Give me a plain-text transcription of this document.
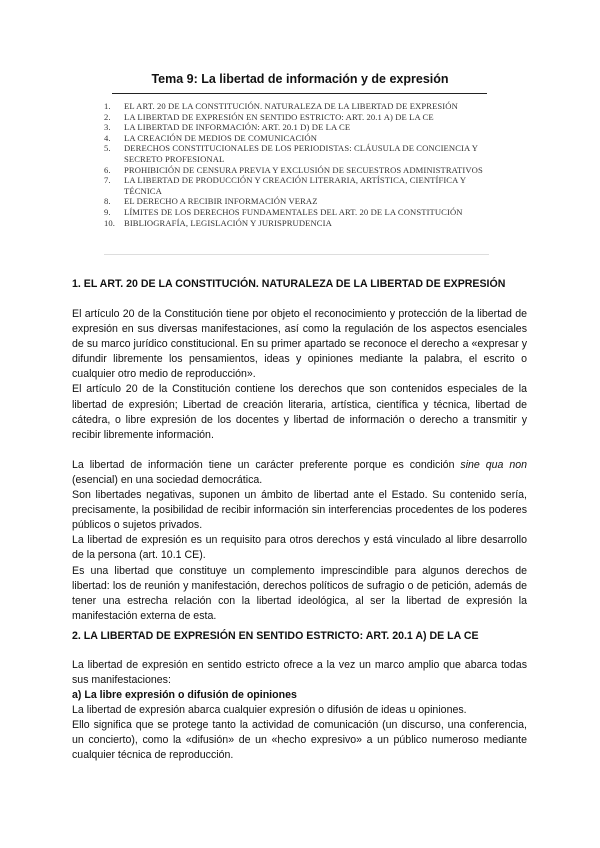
Tema 9: La libertad de información y de expresión
1.	EL ART. 20 DE LA CONSTITUCIÓN. NATURALEZA DE LA LIBERTAD DE EXPRESIÓN
2.	LA LIBERTAD DE EXPRESIÓN EN SENTIDO ESTRICTO: ART. 20.1 A) DE LA CE
3.	LA LIBERTAD DE INFORMACIÓN: ART. 20.1 D) DE LA CE
4.	LA CREACIÓN DE MEDIOS DE COMUNICACIÓN
5.	DERECHOS CONSTITUCIONALES DE LOS PERIODISTAS: CLÁUSULA DE CONCIENCIA Y SECRETO PROFESIONAL
6.	PROHIBICIÓN DE CENSURA PREVIA Y EXCLUSIÓN DE SECUESTROS ADMINISTRATIVOS
7.	LA LIBERTAD DE PRODUCCIÓN Y CREACIÓN LITERARIA, ARTÍSTICA, CIENTÍFICA Y TÉCNICA
8.	EL DERECHO A RECIBIR INFORMACIÓN VERAZ
9.	LÍMITES DE LOS DERECHOS FUNDAMENTALES DEL ART. 20 DE LA CONSTITUCIÓN
10.	BIBLIOGRAFÍA, LEGISLACIÓN Y JURISPRUDENCIA
1. EL ART. 20 DE LA CONSTITUCIÓN. NATURALEZA DE LA LIBERTAD DE EXPRESIÓN

El artículo 20 de la Constitución tiene por objeto el reconocimiento y protección de la libertad de expresión en sus diversas manifestaciones, así como la regulación de los aspectos esenciales de su marco jurídico constitucional. En su primer apartado se reconoce el derecho a «expresar y difundir libremente los pensamientos, ideas y opiniones mediante la palabra, el escrito o cualquier otro medio de reproducción».

El artículo 20 de la Constitución contiene los derechos que son contenidos especiales de la libertad de expresión; Libertad de creación literaria, artística, científica y técnica, libertad de cátedra, o libre expresión de los docentes y libertad de información o derecho a transmitir y recibir libremente información.

La libertad de información tiene un carácter preferente porque es condición sine qua non (esencial) en una sociedad democrática.

Son libertades negativas, suponen un ámbito de libertad ante el Estado. Su contenido sería, precisamente, la posibilidad de recibir información sin interferencias procedentes de los poderes públicos o sujetos privados.

La libertad de expresión es un requisito para otros derechos y está vinculado al libre desarrollo de la persona (art. 10.1 CE).

Es una libertad que constituye un complemento imprescindible para algunos derechos de libertad: los de reunión y manifestación, derechos políticos de sufragio o de petición, además de tener una estrecha relación con la libertad ideológica, al ser la libertad de expresión la manifestación externa de esta.

2. LA LIBERTAD DE EXPRESIÓN EN SENTIDO ESTRICTO: ART. 20.1 A) DE LA CE

La libertad de expresión en sentido estricto ofrece a la vez un marco amplio que abarca todas sus manifestaciones:

a) La libre expresión o difusión de opiniones

La libertad de expresión abarca cualquier expresión o difusión de ideas u opiniones.

Ello significa que se protege tanto la actividad de comunicación (un discurso, una conferencia, un concierto), como la «difusión» de un «hecho expresivo» a un público numeroso mediante cualquier técnica de reproducción.
